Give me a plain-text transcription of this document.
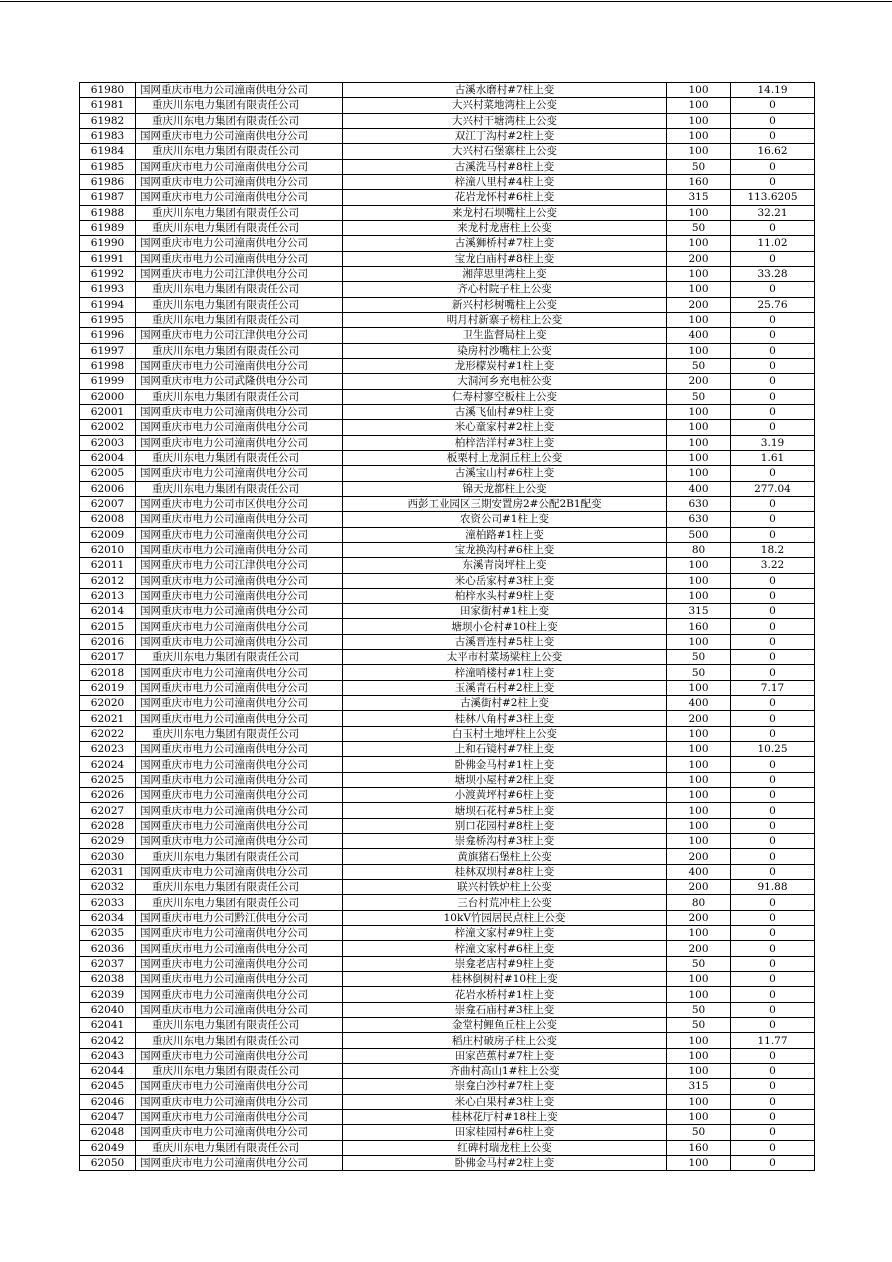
61980	国网重庆市电力公司潼南供电分公司	古溪水磨村#7柱上变	100	14.19
61981	重庆川东电力集团有限责任公司	大兴村菜地湾柱上公变	100	0
61982	重庆川东电力集团有限责任公司	大兴村干塘湾柱上公变	100	0
61983	国网重庆市电力公司潼南供电分公司	双江丁沟村#2柱上变	100	0
61984	重庆川东电力集团有限责任公司	大兴村石堡寨柱上公变	100	16.62
61985	国网重庆市电力公司潼南供电分公司	古溪洗马村#8柱上变	50	0
61986	国网重庆市电力公司潼南供电分公司	梓潼八里村#4柱上变	160	0
61987	国网重庆市电力公司潼南供电分公司	花岩龙怀村#6柱上变	315	113.6205
61988	重庆川东电力集团有限责任公司	来龙村石坝嘴柱上公变	100	32.21
61989	重庆川东电力集团有限责任公司	来龙村龙唐柱上公变	50	0
61990	国网重庆市电力公司潼南供电分公司	古溪狮桥村#7柱上变	100	11.02
61991	国网重庆市电力公司潼南供电分公司	宝龙白庙村#8柱上变	200	0
61992	国网重庆市电力公司江津供电分公司	湘萍思里湾柱上变	100	33.28
61993	重庆川东电力集团有限责任公司	齐心村院子柱上公变	100	0
61994	重庆川东电力集团有限责任公司	新兴村杉树嘴柱上公变	200	25.76
61995	重庆川东电力集团有限责任公司	明月村新寨子榜柱上公变	100	0
61996	国网重庆市电力公司江津供电分公司	卫生监督局柱上变	400	0
61997	重庆川东电力集团有限责任公司	染房村沙嘴柱上公变	100	0
61998	国网重庆市电力公司潼南供电分公司	龙形檬炭村#1柱上变	50	0
61999	国网重庆市电力公司武隆供电分公司	大洞河乡充电桩公变	200	0
62000	重庆川东电力集团有限责任公司	仁寿村寥空板柱上公变	50	0
62001	国网重庆市电力公司潼南供电分公司	古溪飞仙村#9柱上变	100	0
62002	国网重庆市电力公司潼南供电分公司	米心童家村#2柱上变	100	0
62003	国网重庆市电力公司潼南供电分公司	柏梓浩洋村#3柱上变	100	3.19
62004	重庆川东电力集团有限责任公司	板栗村上龙洞丘柱上公变	100	1.61
62005	国网重庆市电力公司潼南供电分公司	古溪宝山村#6柱上变	100	0
62006	重庆川东电力集团有限责任公司	锦天龙都柱上公变	400	277.04
62007	国网重庆市电力公司市区供电分公司	西彭工业园区三期安置房2#公配2B1配变	630	0
62008	国网重庆市电力公司潼南供电分公司	农资公司#1柱上变	630	0
62009	国网重庆市电力公司潼南供电分公司	潼柏路#1柱上变	500	0
62010	国网重庆市电力公司潼南供电分公司	宝龙换沟村#6柱上变	80	18.2
62011	国网重庆市电力公司江津供电分公司	东溪青岗坪柱上变	100	3.22
62012	国网重庆市电力公司潼南供电分公司	米心岳家村#3柱上变	100	0
62013	国网重庆市电力公司潼南供电分公司	柏梓水头村#9柱上变	100	0
62014	国网重庆市电力公司潼南供电分公司	田家街村#1柱上变	315	0
62015	国网重庆市电力公司潼南供电分公司	塘坝小仑村#10柱上变	160	0
62016	国网重庆市电力公司潼南供电分公司	古溪晋连村#5柱上变	100	0
62017	重庆川东电力集团有限责任公司	太平市村菜场梁柱上公变	50	0
62018	国网重庆市电力公司潼南供电分公司	梓潼哨楼村#1柱上变	50	0
62019	国网重庆市电力公司潼南供电分公司	玉溪青石村#2柱上变	100	7.17
62020	国网重庆市电力公司潼南供电分公司	古溪街村#2柱上变	400	0
62021	国网重庆市电力公司潼南供电分公司	桂林八角村#3柱上变	200	0
62022	重庆川东电力集团有限责任公司	白玉村土地坪柱上公变	100	0
62023	国网重庆市电力公司潼南供电分公司	上和石镜村#7柱上变	100	10.25
62024	国网重庆市电力公司潼南供电分公司	卧佛金马村#1柱上变	100	0
62025	国网重庆市电力公司潼南供电分公司	塘坝小屋村#2柱上变	100	0
62026	国网重庆市电力公司潼南供电分公司	小渡黄坪村#6柱上变	100	0
62027	国网重庆市电力公司潼南供电分公司	塘坝石花村#5柱上变	100	0
62028	国网重庆市电力公司潼南供电分公司	别口花园村#8柱上变	100	0
62029	国网重庆市电力公司潼南供电分公司	崇龛桥沟村#3柱上变	100	0
62030	重庆川东电力集团有限责任公司	黄旗猪石堡柱上公变	200	0
62031	国网重庆市电力公司潼南供电分公司	桂林双坝村#8柱上变	400	0
62032	重庆川东电力集团有限责任公司	联兴村铁炉柱上公变	200	91.88
62033	重庆川东电力集团有限责任公司	三台村荒冲柱上公变	80	0
62034	国网重庆市电力公司黔江供电分公司	10kV竹园居民点柱上公变	200	0
62035	国网重庆市电力公司潼南供电分公司	梓潼文家村#9柱上变	100	0
62036	国网重庆市电力公司潼南供电分公司	梓潼文家村#6柱上变	200	0
62037	国网重庆市电力公司潼南供电分公司	崇龛老店村#9柱上变	50	0
62038	国网重庆市电力公司潼南供电分公司	桂林倒树村#10柱上变	100	0
62039	国网重庆市电力公司潼南供电分公司	花岩水桥村#1柱上变	100	0
62040	国网重庆市电力公司潼南供电分公司	崇龛石庙村#3柱上变	50	0
62041	重庆川东电力集团有限责任公司	金堂村鲤鱼丘柱上公变	50	0
62042	重庆川东电力集团有限责任公司	稻庄村破房子柱上公变	100	11.77
62043	国网重庆市电力公司潼南供电分公司	田家芭蕉村#7柱上变	100	0
62044	重庆川东电力集团有限责任公司	齐曲村高山1#柱上公变	100	0
62045	国网重庆市电力公司潼南供电分公司	崇龛白沙村#7柱上变	315	0
62046	国网重庆市电力公司潼南供电分公司	米心白果村#3柱上变	100	0
62047	国网重庆市电力公司潼南供电分公司	桂林花厅村#18柱上变	100	0
62048	国网重庆市电力公司潼南供电分公司	田家桂园村#6柱上变	50	0
62049	重庆川东电力集团有限责任公司	红碑村瑞龙柱上公变	160	0
62050	国网重庆市电力公司潼南供电分公司	卧佛金马村#2柱上变	100	0
